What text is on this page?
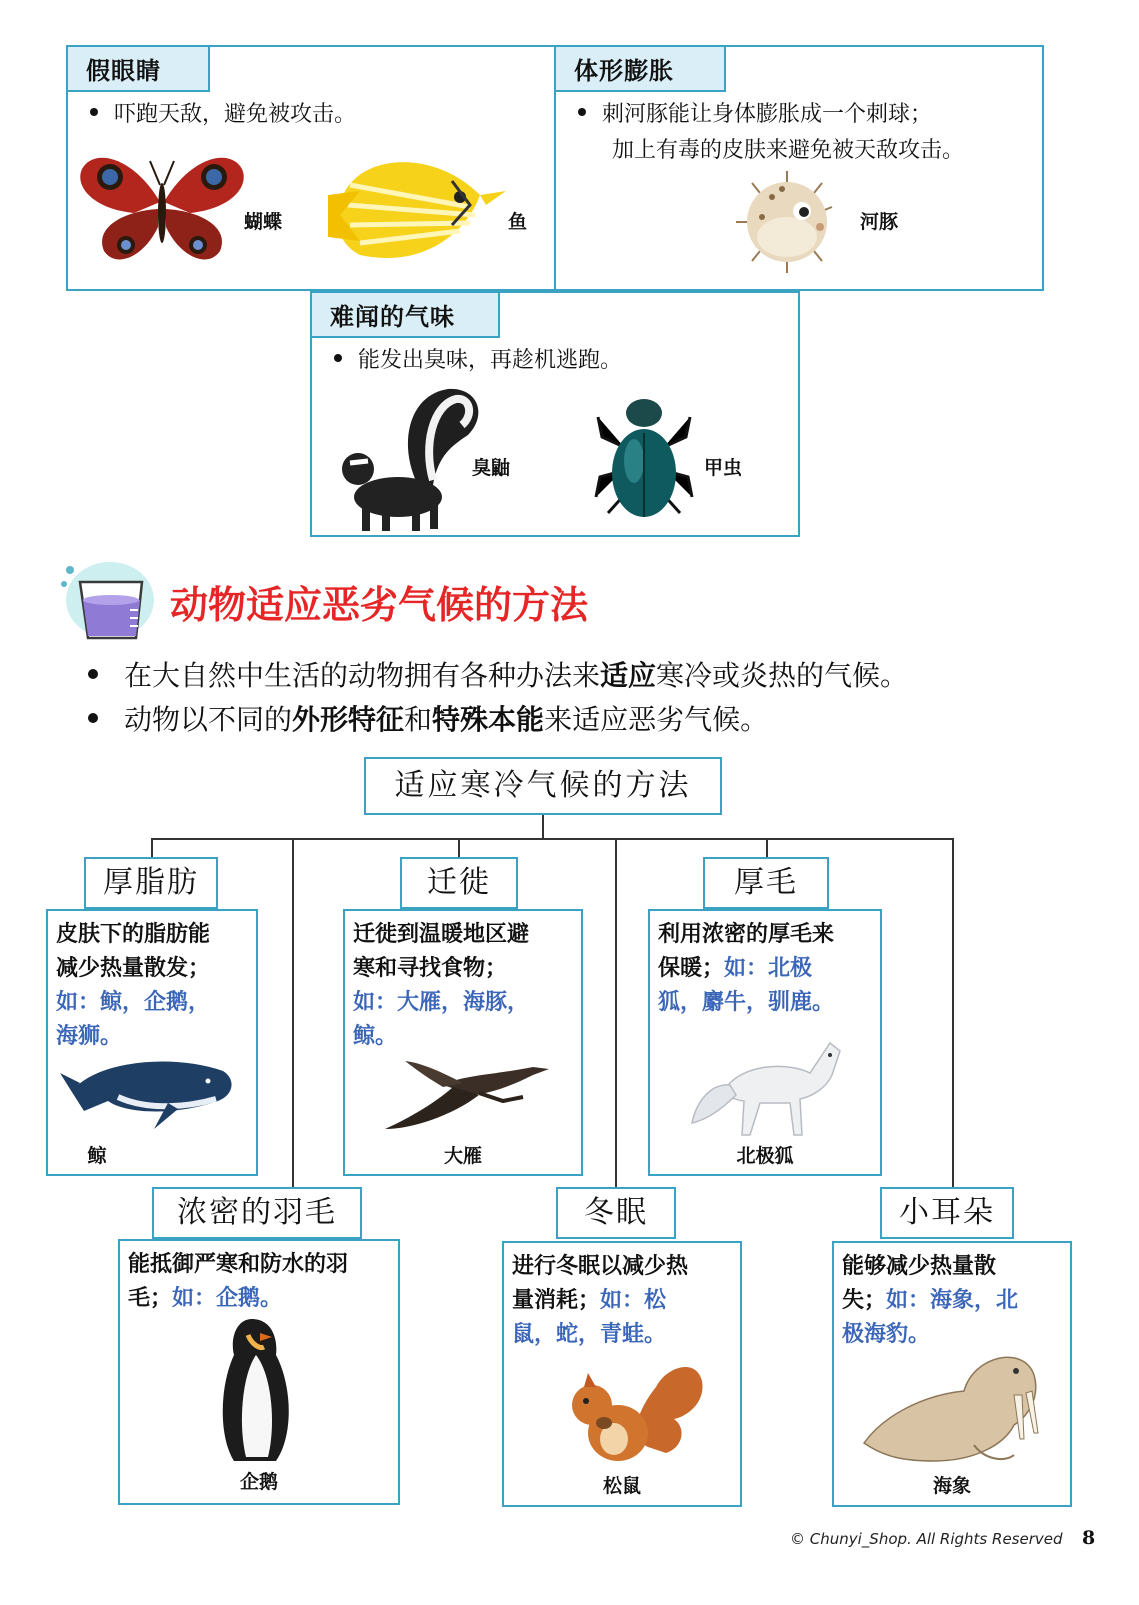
假眼睛
吓跑天敌，避免被攻击。
蝴蝶	鱼
体形膨胀
刺河豚能让身体膨胀成一个刺球；
加上有毒的皮肤来避免被天敌攻击。
河豚
难闻的气味
能发出臭味，再趁机逃跑。
臭鼬	甲虫
动物适应恶劣气候的方法
在大自然中生活的动物拥有各种办法来适应寒冷或炎热的气候。
动物以不同的外形特征和特殊本能来适应恶劣气候。
适应寒冷气候的方法
厚脂肪
皮肤下的脂肪能
减少热量散发；
如：鲸，企鹅，
海狮。
鲸
迁徙
迁徙到温暖地区避
寒和寻找食物；
如：大雁，海豚，
鲸。
大雁
厚毛
利用浓密的厚毛来
保暖；如：北极
狐，麝牛，驯鹿。
北极狐
浓密的羽毛
能抵御严寒和防水的羽
毛；如：企鹅。
企鹅
冬眠
进行冬眠以减少热
量消耗；如：松
鼠，蛇，青蛙。
松鼠
小耳朵
能够减少热量散
失；如：海象，北
极海豹。
海象
© Chunyi_Shop. All Rights Reserved 8
